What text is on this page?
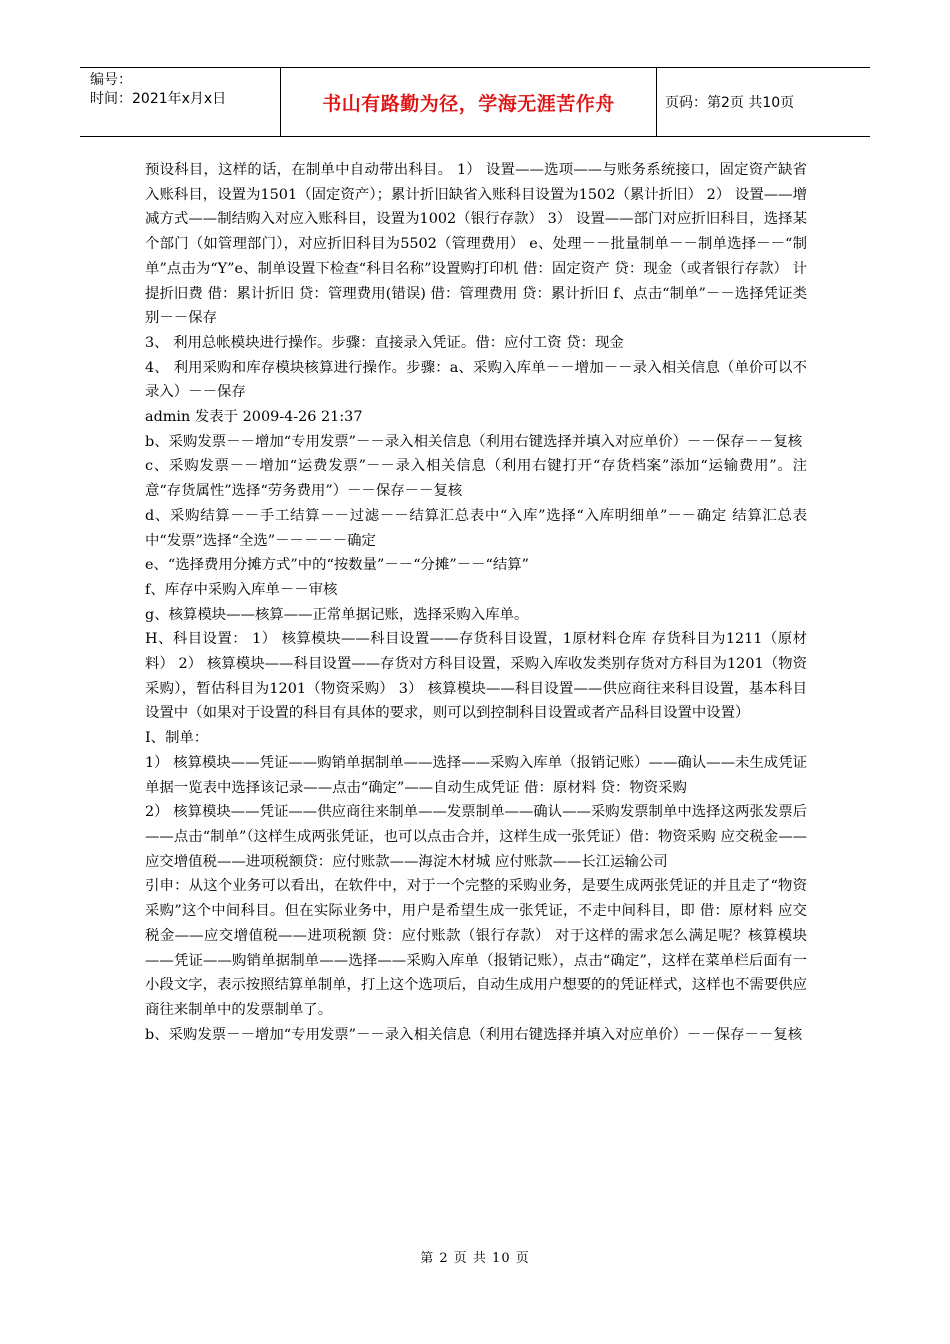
编号：
时间：2021年x月x日	书山有路勤为径，学海无涯苦作舟	页码：第2页 共10页

预设科目，这样的话，在制单中自动带出科目。 1） 设置——选项——与账务系统接口，固定资产缺省入账科目，设置为1501（固定资产）；累计折旧缺省入账科目设置为1502（累计折旧） 2） 设置——增减方式——制结购入对应入账科目，设置为1002（银行存款） 3） 设置——部门对应折旧科目，选择某个部门（如管理部门），对应折旧科目为5502（管理费用） e、处理－－批量制单－－制单选择－－“制单”点击为“Y”e、制单设置下检查“科目名称”设置购打印机 借：固定资产 贷：现金（或者银行存款） 计提折旧费 借：累计折旧 贷：管理费用(错误) 借：管理费用 贷：累计折旧 f、点击“制单”－－选择凭证类别－－保存

3、 利用总帐模块进行操作。步骤：直接录入凭证。借：应付工资 贷：现金

4、 利用采购和库存模块核算进行操作。步骤：a、采购入库单－－增加－－录入相关信息（单价可以不录入）－－保存

admin 发表于 2009-4-26 21:37

b、采购发票－－增加“专用发票”－－录入相关信息（利用右键选择并填入对应单价）－－保存－－复核

c、采购发票－－增加“运费发票”－－录入相关信息（利用右键打开“存货档案”添加“运输费用”。注意“存货属性”选择“劳务费用”）－－保存－－复核

d、采购结算－－手工结算－－过滤－－结算汇总表中“入库”选择“入库明细单”－－确定 结算汇总表中“发票”选择“全选”－－－－－确定

e、“选择费用分摊方式”中的“按数量”－－“分摊”－－“结算”

f、库存中采购入库单－－审核

g、核算模块——核算——正常单据记账，选择采购入库单。

H、科目设置： 1） 核算模块——科目设置——存货科目设置，1原材料仓库 存货科目为1211（原材料） 2） 核算模块——科目设置——存货对方科目设置，采购入库收发类别存货对方科目为1201（物资采购），暂估科目为1201（物资采购） 3） 核算模块——科目设置——供应商往来科目设置，基本科目设置中（如果对于设置的科目有具体的要求，则可以到控制科目设置或者产品科目设置中设置）

I、制单：

1） 核算模块——凭证——购销单据制单——选择——采购入库单（报销记账）——确认——未生成凭证单据一览表中选择该记录——点击“确定”——自动生成凭证 借：原材料 贷：物资采购

2） 核算模块——凭证——供应商往来制单——发票制单——确认——采购发票制单中选择这两张发票后——点击“制单”（这样生成两张凭证，也可以点击合并，这样生成一张凭证）借：物资采购 应交税金——应交增值税——进项税额贷：应付账款——海淀木材城 应付账款——长江运输公司

引申：从这个业务可以看出，在软件中，对于一个完整的采购业务，是要生成两张凭证的并且走了“物资采购”这个中间科目。但在实际业务中，用户是希望生成一张凭证，不走中间科目，即 借：原材料 应交税金——应交增值税——进项税额 贷：应付账款（银行存款） 对于这样的需求怎么满足呢？核算模块——凭证——购销单据制单——选择——采购入库单（报销记账），点击“确定”，这样在菜单栏后面有一小段文字，表示按照结算单制单，打上这个选项后，自动生成用户想要的的凭证样式，这样也不需要供应商往来制单中的发票制单了。

b、采购发票－－增加“专用发票”－－录入相关信息（利用右键选择并填入对应单价）－－保存－－复核

第 2 页 共 10 页
